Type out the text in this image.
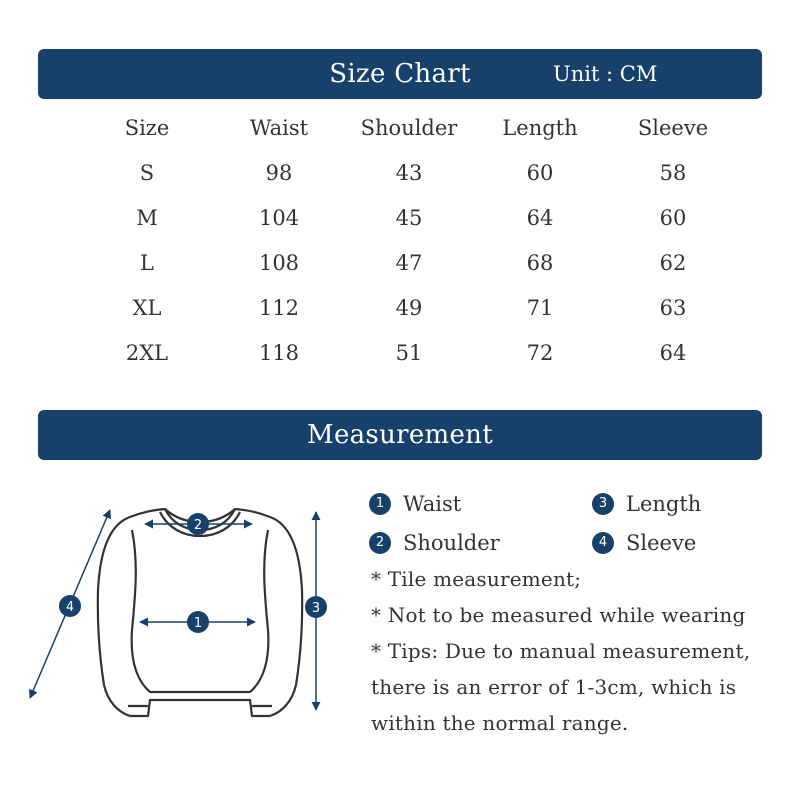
Size Chart	Unit : CM
Size	Waist	Shoulder	Length	Sleeve
S	98	43	60	58
M	104	45	64	60
L	108	47	68	62
XL	112	49	71	63
2XL	118	51	72	64
Measurement
2
1
3
4
1 Waist	3 Length
2 Shoulder	4 Sleeve
* Tile measurement;
* Not to be measured while wearing
* Tips: Due to manual measurement,
there is an error of 1-3cm, which is
within the normal range.
